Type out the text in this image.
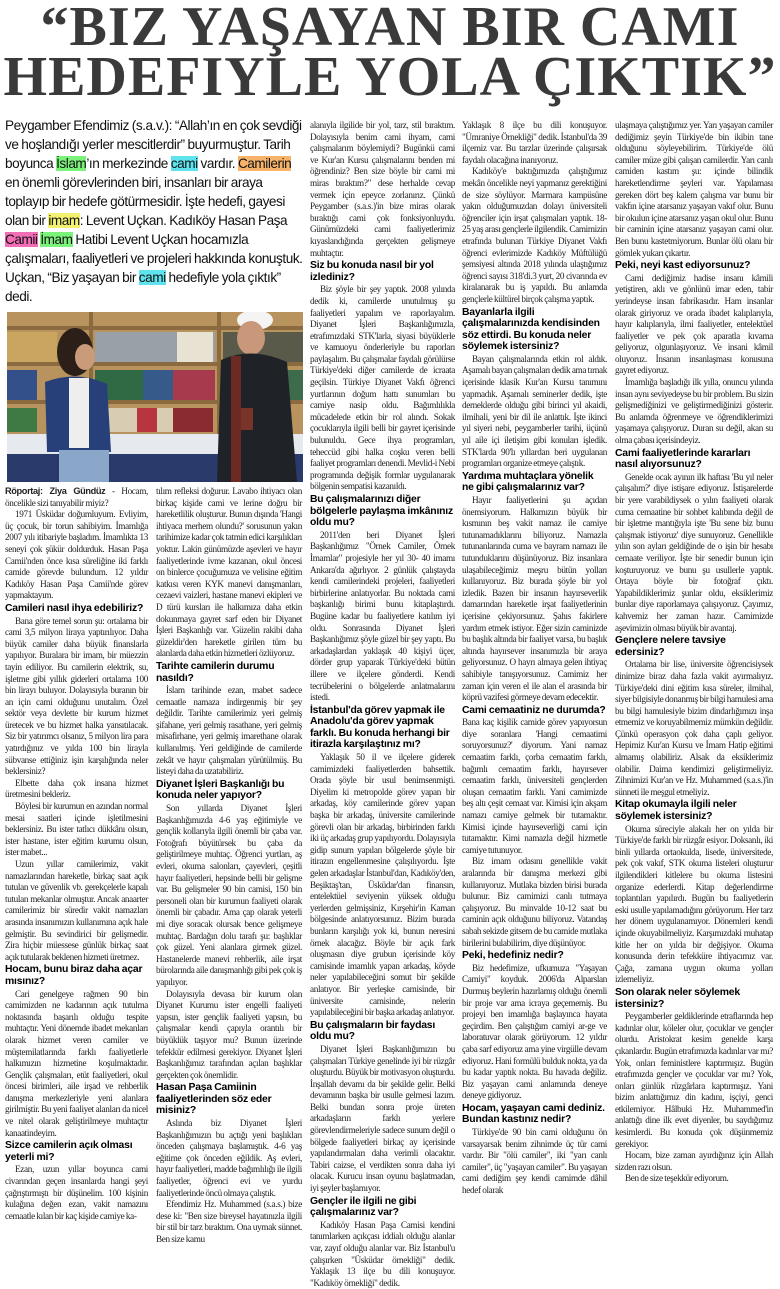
“BIZ YAŞAYAN BIR CAMI
HEDEFIYLE YOLA ÇIKTIK”
Peygamber Efendimiz (s.a.v.): “Allah’ın en çok sevdiği ve hoşlandığı yerler mescitlerdir” buyurmuştur. Tarih boyunca İslam’ın merkezinde cami vardır. Camilerin en önemli görevlerinden biri, insanları bir araya toplayıp bir hedefe götürmesidir. İşte hedefi, gayesi olan bir imam: Levent Uçkan. Kadıköy Hasan Paşa Camii İmam Hatibi Levent Uçkan hocamızla çalışmaları, faaliyetleri ve projeleri hakkında konuştuk. Uçkan, “Biz yaşayan bir cami hedefiyle yola çıktık” dedi.

Röportaj: Ziya Gündüz - Hocam, öncelikle sizi tanıyabilir miyiz?

1971 Üsküdar doğumluyum. Evliyim, üç çocuk, bir torun sahibiyim. İmamlığa 2007 yılı itibariyle başladım. İmamlıkta 13 seneyi çok şükür doldurduk. Hasan Paşa Camii'nden önce kısa süreliğine iki farklı camide görevde bulundum. 12 yıldır Kadıköy Hasan Paşa Camii'nde görev yapmaktayım.

Camileri nasıl ihya edebiliriz?

Bana göre temel sorun şu: ortalama bir cami 3,5 milyon liraya yaptırılıyor. Daha büyük camiler daha büyük finanslarla yapılıyor. Buralara bir imam, bir müezzin tayin ediliyor. Bu camilerin elektrik, su, işletme gibi yıllık giderleri ortalama 100 bin lirayı buluyor. Dolayısıyla buranın bir an için cami olduğunu unutalım. Özel sektör veya devlette bir kurum hizmet üretecek ve bu hizmet halka yansıtılacak. Siz bir yatırımcı olsanız, 5 milyon lira para yatırdığınız ve yılda 100 bin lirayla sübvanse ettiğiniz işin karşılığında neler beklersiniz?

Elbette daha çok insana hizmet üretmesini bekleriz.

Böylesi bir kurumun en azından normal mesai saatleri içinde işletilmesini beklersiniz. Bu ister tatlıcı dükkânı olsun, ister hastane, ister eğitim kurumu olsun, ister mabet...

Uzun yıllar camilerimiz, vakit namazlarından hareketle, birkaç saat açık tutulan ve güvenlik vb. gerekçelerle kapalı tutulan mekanlar olmuştur. Ancak anaarter camilerimiz bir süredir vakit namazları arasında insanımızın kullanımına açık hale gelmiştir. Bu sevindirici bir gelişmedir. Zira hiçbir müessese günlük birkaç saat açık tutularak beklenen hizmeti üretmez.

Hocam, bunu biraz daha açar mısınız?

Cari genelgeye rağmen 90 bin camimizden ne kadarının açık tutulma noktasında başarılı olduğu tespite muhtaçtır. Yeni dönemde ibadet mekanları olarak hizmet veren camiler ve müştemilatlarında farklı faaliyetlerle halkımızın hizmetine koşulmaktadır. Gençlik çalışmaları, etüt faaliyetleri, okul öncesi birimleri, aile irşad ve rehberlik danışma merkezleriyle yeni alanlara girilmiştir. Bu yeni faaliyet alanları da nicel ve nitel olarak geliştirilmeye muhtaçtır kanaatindeyim.

Sizce camilerin açık olması yeterli mi?

Ezan, uzun yıllar boyunca cami civarından geçen insanlarda hangi şeyi çağrıştırmıştı bir düşünelim. 100 kişinin kulağına değen ezan, vakit namazını cemaatle kılan bir kaç kişide camiye ka-

tılım refleksi doğurur. Lavabo ihtiyacı olan birkaç kişide cami ve lerine doğru bir hareketlilik oluşturur. Bunun dışında 'Hangi ihtiyaca merhem olundu?' sorusunun yakın tarihimize kadar çok tatmin edici karşılıkları yoktur. Lakin günümüzde aşevleri ve hayır faaliyetlerinde ivme kazanan, okul öncesi on binlerce çocuğumuza ve velisine eğitim katkısı veren KYK manevi danışmanları, cezaevi vaizleri, hastane manevi ekipleri ve D türü kursları ile halkımıza daha etkin dokunmaya gayret sarf eden bir Diyanet İşleri Başkanlığı var. 'Güzelin rakibi daha güzeldir'den hareketle girilen tüm bu alanlarda daha etkin hizmetleri özlüyoruz.

Tarihte camilerin durumu nasıldı?

İslam tarihinde ezan, mabet sadece cemaatle namaza indirgenmiş bir şey değildir. Tarihte camilerimiz yeri gelmiş şifahane, yeri gelmiş rasathane, yeri gelmiş misafirhane, yeri gelmiş imarethane olarak kullanılmış. Yeri geldiğinde de camilerde zekât ve hayır çalışmaları yürütülmüş. Bu listeyi daha da uzatabiliriz.

Diyanet İşleri Başkanlığı bu konuda neler yapıyor?

Son yıllarda Diyanet İşleri Başkanlığımızda 4-6 yaş eğitimiyle ve gençlik kollarıyla ilgili önemli bir çaba var. Fotoğrafı büyütürsek bu çaba da geliştirilmeye muhtaç. Öğrenci yurtları, aş evleri, okuma salonları, çayevleri, çeşitli hayır faaliyetleri, hepsinde belli bir gelişme var. Bu gelişmeler 90 bin camisi, 150 bin personeli olan bir kurumun faaliyeti olarak önemli bir çabadır. Ama çap olarak yeterli mi diye soracak olursak bence gelişmeye muhtaç. Bardağın dolu tarafı şu: başlıklar çok güzel. Yeni alanlara girmek güzel. Hastanelerde manevi rehberlik, aile irşat bürolarında aile danışmanlığı gibi pek çok iş yapılıyor.

Dolayısıyla devasa bir kurum olan Diyanet Kurumu ister engelli faaliyeti yapsın, ister gençlik faaliyeti yapsın, bu çalışmalar kendi çapıyla orantılı bir büyüklük taşıyor mu? Bunun üzerinde tefekkür edilmesi gerekiyor. Diyanet İşleri Başkanlığımız tarafından açılan başlıklar gerçekten çok önemlidir.

Hasan Paşa Camiinin faaliyetlerinden söz eder misiniz?

Aslında biz Diyanet İşleri Başkanlığımızın bu açtığı yeni başlıkları önceden çalışmaya başlamıştık. 4-6 yaş eğitime çok önceden eğildik. Aş evleri, hayır faaliyetleri, madde bağımlılığı ile ilgili faaliyetler, öğrenci evi ve yurdu faaliyetlerinde öncü olmaya çalıştık.

Efendimiz Hz. Muhammed (s.a.s.) bize dese ki: "Ben size bireysel hayatınızla ilgili bir stil bir tarz bıraktım. Ona uymak sünnet. Ben size kamu

alanıyla ilgilide bir yol, tarz, stil bıraktım. Dolayısıyla benim cami ihyam, cami çalışmalarım böylemiydi? Bugünkü cami ve Kur'an Kursu çalışmalarını benden mi öğrendiniz? Ben size böyle bir cami mi miras bıraktım?" dese herhalde cevap vermek için epeyce zorlanırız. Çünkü Peygamber (s.a.s.)'in bize miras olarak bıraktığı cami çok fonksiyonluydu. Günümüzdeki cami faaliyetlerimiz kıyaslandığında gerçekten gelişmeye muhtaçtır.

Siz bu konuda nasıl bir yol izlediniz?

Biz şöyle bir şey yaptık. 2008 yılında dedik ki, camilerde unutulmuş şu faaliyetleri yapalım ve raporlayalım. Diyanet İşleri Başkanlığımızla, etrafımızdaki STK'larla, siyasi büyüklerle ve kamuoyu önderleriyle bu raporları paylaşalım. Bu çalışmalar faydalı görülürse Türkiye'deki diğer camilerde de icraata geçilsin. Türkiye Diyanet Vakfı öğrenci yurtlarının doğum hattı sunumları bu camiye nasip oldu. Bağımlılıkla mücadelede etkin bir rol alındı. Sokak çocuklarıyla ilgili belli bir gayret içerisinde bulunuldu. Gece ihya programları, teheccüd gibi halka coşku veren belli faaliyet programları denendi. Mevlid-i Nebi programında değişik formlar uygulanarak bölgenin sempatisi kazanıldı.

Bu çalışmalarınızı diğer bölgelerle paylaşma imkânınız oldu mu?

2011'den beri Diyanet İşleri Başkanlığımız "Örnek Camiler, Örnek İmamlar" projesiyle her yıl 30- 40 imamı Ankara'da ağırlıyor. 2 günlük çalıştayda kendi camilerindeki projeleri, faaliyetleri birbirlerine anlatıyorlar. Bu noktada cami başkanlığı birimi bunu kitaplaştırdı. Bugüne kadar bu faaliyetlere katılım iyi oldu. Sonrasında Diyanet İşleri Başkanlığımız şöyle güzel bir şey yaptı. Bu arkadaşlardan yaklaşık 40 kişiyi üçer, dörder grup yaparak Türkiye'deki bütün illere ve ilçelere gönderdi. Kendi tecrübelerini o bölgelerde anlatmalarını istedi.

İstanbul'da görev yapmak ile Anadolu'da görev yapmak farklı. Bu konuda herhangi bir itirazla karşılaştınız mı?

Yaklaşık 50 il ve ilçelere giderek camimizdeki faaliyetlerden bahsettik. Orada şöyle bir usul benimsenmişti. Diyelim ki metropolde görev yapan bir arkadaş, köy camilerinde görev yapan başka bir arkadaş, üniversite camilerinde görevli olan bir arkadaş, birbirinden farklı iki üç arkadaş grup yapılıyordu. Dolayısıyla gidip sunum yapılan bölgelerde şöyle bir itirazın engellenmesine çalışılıyordu. İşte gelen arkadaşlar İstanbul'dan, Kadıköy'den, Beşiktaş'tan, Üsküdar'dan finansın, entelektüel seviyenin yüksek olduğu yerlerden gelmişsiniz, Kırşehir'in Kaman bölgesinde anlatıyorsunuz. Bizim burada bunların karşılığı yok ki, bunun neresini örnek alacağız. Böyle bir açık fark oluşmasın diye grubun içerisinde köy camisinde imamlık yapan arkadaş, köyde neler yapılabileceğini somut bir şekilde anlatıyor. Bir yerleşke camisinde, bir üniversite camisinde, nelerin yapılabileceğini bir başka arkadaş anlatıyor.

Bu çalışmaların bir faydası oldu mu?

Diyanet İşleri Başkanlığımızın bu çalışmaları Türkiye genelinde iyi bir rüzgâr oluşturdu. Büyük bir motivasyon oluşturdu. İnşallah devamı da bir şekilde gelir. Belki devamının başka bir usulle gelmesi lazım. Belki bundan sonra proje üreten arkadaşların farklı yerlere görevlendirmeleriyle sadece sunum değil o bölgede faaliyetleri birkaç ay içerisinde yapılandırmaları daha verimli olacaktır. Tabiri caizse, el verdikten sonra daha iyi olacak. Kurucu insan oyunu başlatmadan, iyi şeyler başlamıyor.

Gençler ile ilgili ne gibi çalışmalarınız var?

Kadıköy Hasan Paşa Camisi kendini tanımlarken açıkçası iddialı olduğu alanlar var, zayıf olduğu alanlar var. Biz İstanbul'u çalışırken "Üsküdar örnekliği" dedik. Yaklaşık 13 ilçe bu dili konuşuyor. "Kadıköy örnekliği" dedik.

Yaklaşık 8 ilçe bu dili konuşuyor. "Ümraniye Örnekliği" dedik. İstanbul'da 39 ilçemiz var. Bu tarzlar üzerinde çalışırsak faydalı olacağına inanıyoruz.

Kadıköy'e baktığımızda çalıştığımız mekân öncelikle neyi yapmanız gerektiğini de size söylüyor. Marmara kampüsüne yakın olduğumuzdan dolayı üniversiteli öğrenciler için irşat çalışmaları yaptık. 18-25 yaş arası gençlerle ilgilendik. Camimizin etrafında bulunan Türkiye Diyanet Vakfı öğrenci evlerimizde Kadıköy Müftülüğü şemsiyesi altında 2018 yılında ulaştığımız öğrenci sayısı 318'di.3 yurt, 20 civarında ev kiralanarak bu iş yapıldı. Bu anlamda gençlerle kültürel birçok çalışma yaptık.

Bayanlarla ilgili çalışmalarınızda kendisinden söz ettirdi. Bu konuda neler söylemek istersiniz?

Bayan çalışmalarında etkin rol aldık. Aşamalı bayan çalışmaları dedik ama tırnak içerisinde klasik Kur'an Kursu tanımını yapmadık. Aşamalı seminerler dedik, işte derneklerde olduğu gibi birinci yıl akaidi, ilmihali, yeni bir dil ile anlattık. İşte ikinci yıl siyeri nebi, peygamberler tarihi, üçünü yıl aile içi iletişim gibi konuları işledik. STK'larda 90'lı yıllardan beri uygulanan programları organize etmeye çalıştık.

Yardıma muhtaçlara yönelik ne gibi çalışmalarınız var?

Hayır faaliyetlerini şu açıdan önemsiyorum. Halkımızın büyük bir kısmının beş vakit namaz ile camiye tutunamadıklarını biliyoruz. Namazla tutunanlarında cuma ve bayram namazı ile tutunduklarını düşünüyoruz. Biz insanlara ulaşabileceğimiz meşru bütün yolları kullanıyoruz. Biz burada şöyle bir yol izledik. Bazen bir insanın hayırseverlik damarından hareketle irşat faaliyetlerinin içerisine çekiyorsunuz. Şahıs fakirlere yardım etmek istiyor. Eğer sizin caminizde bu başlık altında bir faaliyet varsa, bu başlık altında hayırsever insanımızla bir araya geliyorsunuz. O hayrı almaya gelen ihtiyaç sahibiyle tanışıyorsunuz. Camimiz her zaman için veren el ile alan el arasında bir köprü vazifesi görmeye devam edecektir.

Cami cemaatiniz ne durumda?

Bana kaç kişilik camide görev yapıyorsun diye soranlara 'Hangi cemaatimi soruyorsunuz?' diyorum. Yani namaz cemaatim farklı, çorba cemaatim farklı, bağımlı cemaatim farklı, hayırsever cemaatim farklı, üniversiteli gençlerden oluşan cemaatim farklı. Yani camimizde beş altı çeşit cemaat var. Kimisi için akşam namazı camiye gelmek bir tutamaktır. Kimisi içinde hayırseverliği cami için tutamaktır. Kimi namazla değil hizmetle camiye tutunuyor.

Biz imam odasını genellikle vakit aralarında bir danışma merkezi gibi kullanıyoruz. Mutlaka bizden birisi burada bulunur. Biz camimizi canlı tutmaya çalışıyoruz. Bu minvalde 10-12 saat bu caminin açık olduğunu biliyoruz. Vatandaş sabah sekizde gitsem de bu camide mutlaka birilerini bulabilirim, diye düşünüyor.

Peki, hedefiniz nedir?

Biz hedefimize, ufkumuza "Yaşayan Camiyi" koyduk. 2006'da Alparslan Durmuş beylerin hazırlamış olduğu önemli bir proje var ama icraya geçememiş. Bu projeyi ben imamlığa başlayınca hayata geçirdim. Ben çalıştığım camiyi ar-ge ve laboratuvar olarak görüyorum. 12 yıldır çaba sarf ediyoruz ama yine virgülle devam ediyoruz. Hani formülü bulduk nokta, ya da bu kadar yaptık nokta. Bu havada değiliz. Biz yaşayan cami anlamında deneye deneye gidiyoruz.

Hocam, yaşayan cami dediniz. Bundan kastınız nedir?

Türkiye'de 90 bin cami olduğunu ön varsayarsak benim zihnimde üç tür cami vardır. Bir "ölü camiler", iki "yarı canlı camiler", üç "yaşayan camiler". Bu yaşayan cami dediğim şey kendi camimde dâhil hedef olarak

ulaşmaya çalıştığımız yer. Yarı yaşayan camiler dediğimiz şeyin Türkiye'de bin ikibin tane olduğunu söyleyebilirim. Türkiye'de ölü camiler müze gibi çalışan camilerdir. Yarı canlı camiden kastım şu: içinde bilindik hareketlendirme şeyleri var. Yapılaması gereken dört beş kalem çalışma var bunu bir vakfın içine atarsanız yaşayan vakıf olur. Bunu bir okulun içine atarsanız yaşan okul olur. Bunu bir caminin içine atarsanız yaşayan cami olur. Ben bunu kastetmiyorum. Bunlar ölü olanı bir gömlek yukarı çıkartır.

Peki, neyi kast ediyorsunuz?

Cami dediğimiz hadise insanı kâmili yetiştiren, aklı ve gönlünü imar eden, tabir yerindeyse insan fabrikasıdır. Ham insanlar olarak giriyoruz ve orada ibadet kalıplarıyla, hayır kalıplarıyla, ilmi faaliyetler, entelektüel faaliyetler ve pek çok aparatla kıvama geliyoruz, olgunlaşıyoruz. Ve insani kâmil oluyoruz. İnsanın insanlaşması konusuna gayret ediyoruz.

İmamlığa başladığı ilk yılla, onuncu yılında insan aynı seviyedeyse bu bir problem. Bu sizin gelişmediğinizi ve geliştirmediğinizi gösterir. Bu anlamda öğrenmeye ve öğrendiklerimizi yaşamaya çalışıyoruz. Duran su değil, akan su olma çabası içerisindeyiz.

Cami faaliyetlerinde kararları nasıl alıyorsunuz?

Genelde ocak ayının ilk haftası 'Bu yıl neler çalışalım?' diye istişare ediyoruz. İstişarelerde bir yere varabildiysek o yılın faaliyeti olarak cuma cemaatine bir sohbet kalıbında değil de bir işletme mantığıyla işte 'Bu sene biz bunu çalışmak istiyoruz' diye sunuyoruz. Genellikle yılın son ayları geldiğinde de o işin bir hesabı cemaate veriliyor. İşte bir senedir bunun için koşturuyoruz ve bunu şu usullerle yaptık. Ortaya böyle bir fotoğraf çıktı. Yapabildiklerimiz şunlar oldu, eksiklerimiz bunlar diye raporlamaya çalışıyoruz. Çayımız, kahvemiz her zaman hazır. Camimizde aşevimizin olması büyük bir avantaj.

Gençlere nelere tavsiye edersiniz?

Ortalama bir lise, üniversite öğrencisiysek dinimize biraz daha fazla vakit ayırmalıyız. Türkiye'deki dini eğitim kısa süreler, ilmihal, siyer bilgisiyle donanmış bir bilgi hamulesi ama bu bilgi hamulesiyle bizim dindarlığımızı inşa etmemiz ve koruyabilmemiz mümkün değildir. Çünkü operasyon çok daha çaplı geliyor. Hepimiz Kur'an Kursu ve İmam Hatip eğitimi almamış olabiliriz. Alsak da eksiklerimiz olabilir. Daima kendimizi geliştirmeliyiz. Zihnimizi Kur'an ve Hz. Muhammed (s.a.s.)'in sünneti ile meşgul etmeliyiz.

Kitap okumayla ilgili neler söylemek istersiniz?

Okuma süreciyle alakalı her on yılda bir Türkiye'de farklı bir rüzgâr esiyor. Doksanlı, iki binli yıllarda ortaokulda, lisede, üniversitede, pek çok vakıf, STK okuma listeleri oluşturur ilgilendikleri kitlelere bu okuma listesini organize ederlerdi. Kitap değerlendirme toplantıları yapılırdı. Bugün bu faaliyetlerin eski usulle yapılamadığını görüyorum. Her tarz her dönem uygulanamıyor. Dönemleri kendi içinde okuyabilmeliyiz. Karşımızdaki muhatap kitle her on yılda bir değişiyor. Okuma konusunda derin tefekküre ihtiyacımız var. Çağa, zamana uygun okuma yolları izlemeliyiz.

Son olarak neler söylemek istersiniz?

Peygamberler geldiklerinde etraflarında hep kadınlar olur, köleler olur, çocuklar ve gençler olurdu. Aristokrat kesim genelde karşı çıkanlardır. Bugün etrafımızda kadınlar var mı? Yok, onları feministlere kaptırmışız. Bugün etrafımızda gençler ve çocuklar var mı? Yok, onları günlük rüzgârlara kaptırmışız. Yani bizim anlattığımız din kadını, işçiyi, genci etkilemiyor. Hâlbuki Hz. Muhammed'in anlattığı dine ilk evet diyenler, bu saydığımız kesimlerdi. Bu konuda çok düşünmemiz gerekiyor.

Hocam, bize zaman ayırdığınız için Allah sizden razı olsun.

Ben de size teşekkür ediyorum.
